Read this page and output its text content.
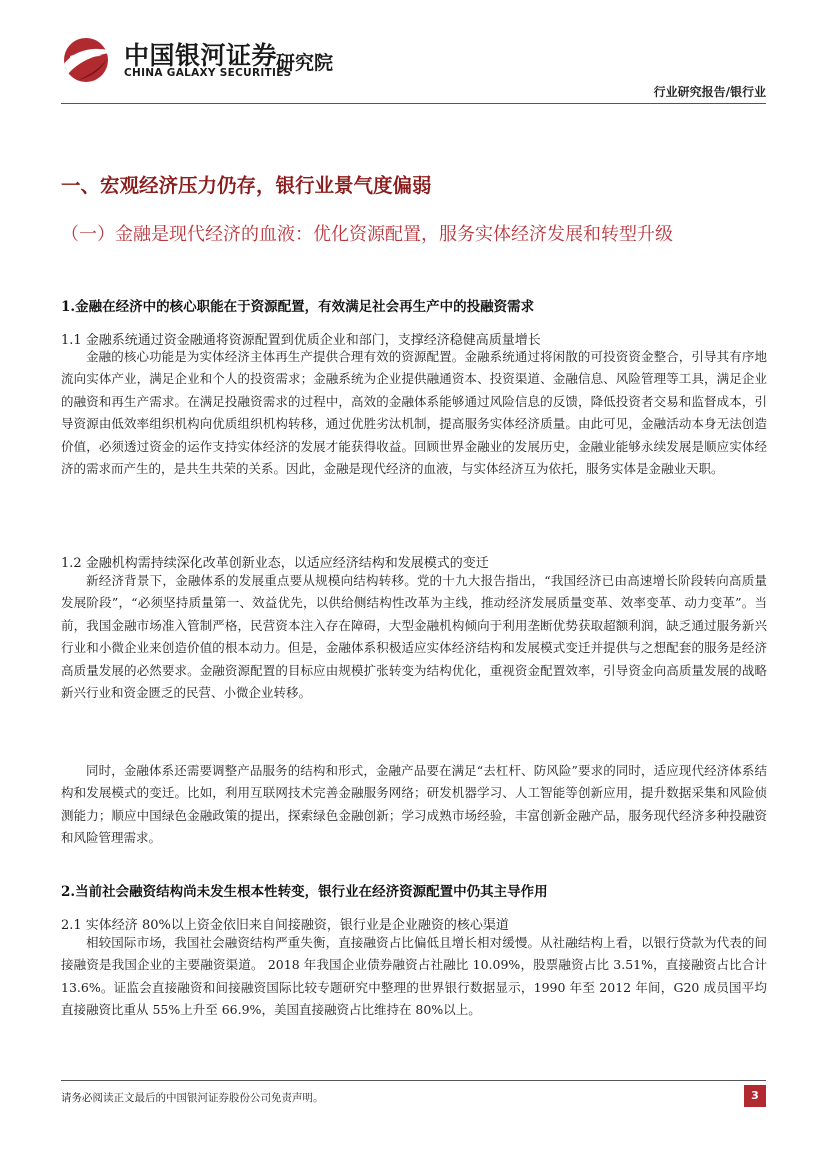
中国银河证券
CHINA GALAXY SECURITIES
研究院
行业研究报告/银行业
一、宏观经济压力仍存，银行业景气度偏弱
（一）金融是现代经济的血液：优化资源配置，服务实体经济发展和转型升级
1.金融在经济中的核心职能在于资源配置，有效满足社会再生产中的投融资需求
1.1 金融系统通过资金融通将资源配置到优质企业和部门，支撑经济稳健高质量增长

金融的核心功能是为实体经济主体再生产提供合理有效的资源配置。金融系统通过将闲散的可投资资金整合，引导其有序地流向实体产业，满足企业和个人的投资需求；金融系统为企业提供融通资本、投资渠道、金融信息、风险管理等工具，满足企业的融资和再生产需求。在满足投融资需求的过程中，高效的金融体系能够通过风险信息的反馈，降低投资者交易和监督成本，引导资源由低效率组织机构向优质组织机构转移，通过优胜劣汰机制，提高服务实体经济质量。由此可见，金融活动本身无法创造价值，必须透过资金的运作支持实体经济的发展才能获得收益。回顾世界金融业的发展历史，金融业能够永续发展是顺应实体经济的需求而产生的，是共生共荣的关系。因此，金融是现代经济的血液，与实体经济互为依托，服务实体是金融业天职。

1.2 金融机构需持续深化改革创新业态，以适应经济结构和发展模式的变迁

新经济背景下，金融体系的发展重点要从规模向结构转移。党的十九大报告指出，“我国经济已由高速增长阶段转向高质量发展阶段”，“必须坚持质量第一、效益优先，以供给侧结构性改革为主线，推动经济发展质量变革、效率变革、动力变革”。当前，我国金融市场准入管制严格，民营资本注入存在障碍，大型金融机构倾向于利用垄断优势获取超额利润，缺乏通过服务新兴行业和小微企业来创造价值的根本动力。但是，金融体系积极适应实体经济结构和发展模式变迁并提供与之想配套的服务是经济高质量发展的必然要求。金融资源配置的目标应由规模扩张转变为结构优化，重视资金配置效率，引导资金向高质量发展的战略新兴行业和资金匮乏的民营、小微企业转移。

同时，金融体系还需要调整产品服务的结构和形式，金融产品要在满足“去杠杆、防风险”要求的同时，适应现代经济体系结构和发展模式的变迁。比如，利用互联网技术完善金融服务网络；研发机器学习、人工智能等创新应用，提升数据采集和风险侦测能力；顺应中国绿色金融政策的提出，探索绿色金融创新；学习成熟市场经验，丰富创新金融产品，服务现代经济多种投融资和风险管理需求。

2.当前社会融资结构尚未发生根本性转变，银行业在经济资源配置中仍其主导作用
2.1 实体经济 80%以上资金依旧来自间接融资，银行业是企业融资的核心渠道

相较国际市场，我国社会融资结构严重失衡，直接融资占比偏低且增长相对缓慢。从社融结构上看，以银行贷款为代表的间接融资是我国企业的主要融资渠道。 2018 年我国企业债券融资占社融比 10.09%，股票融资占比 3.51%，直接融资占比合计 13.6%。证监会直接融资和间接融资国际比较专题研究中整理的世界银行数据显示，1990 年至 2012 年间，G20 成员国平均直接融资比重从 55%上升至 66.9%，美国直接融资占比维持在 80%以上。

请务必阅读正文最后的中国银河证券股份公司免责声明。	3
